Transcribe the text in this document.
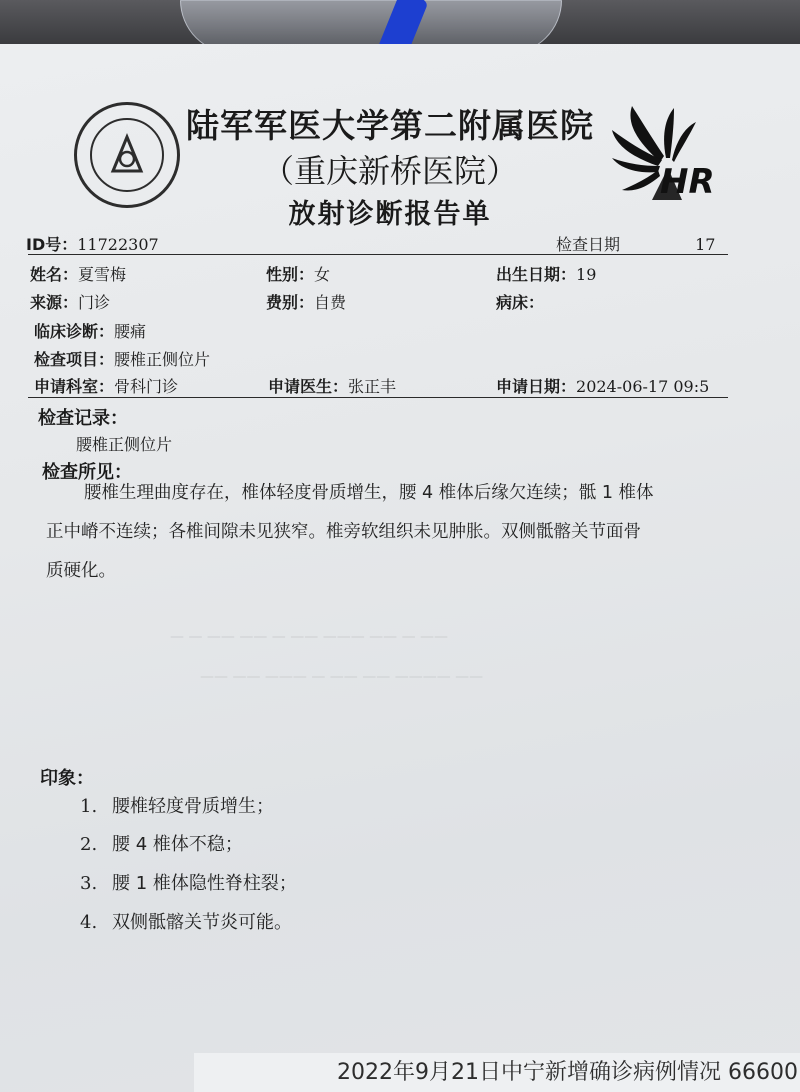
陆军军医大学第二附属医院
（重庆新桥医院）
放射诊断报告单
HR
ID号：11722307	检查日期	17
姓名：夏雪梅	性别：女	出生日期：19
来源：门诊	费别：自费	病床：
临床诊断：腰痛
检查项目：腰椎正侧位片
申请科室：骨科门诊	申请医生：张正丰	申请日期：2024-06-17 09:5
检查记录：
腰椎正侧位片
检查所见：
腰椎生理曲度存在，椎体轻度骨质增生，腰 4 椎体后缘欠连续；骶 1 椎体
正中嵴不连续；各椎间隙未见狭窄。椎旁软组织未见肿胀。双侧骶髂关节面骨
质硬化。
— — —— —— — —— ——— —— — ——
—— —— ——— — —— —— ———— ——
印象：
1. 腰椎轻度骨质增生；
2. 腰 4 椎体不稳；
3. 腰 1 椎体隐性脊柱裂；
4. 双侧骶髂关节炎可能。
2022年9月21日中宁新增确诊病例情况 66600
